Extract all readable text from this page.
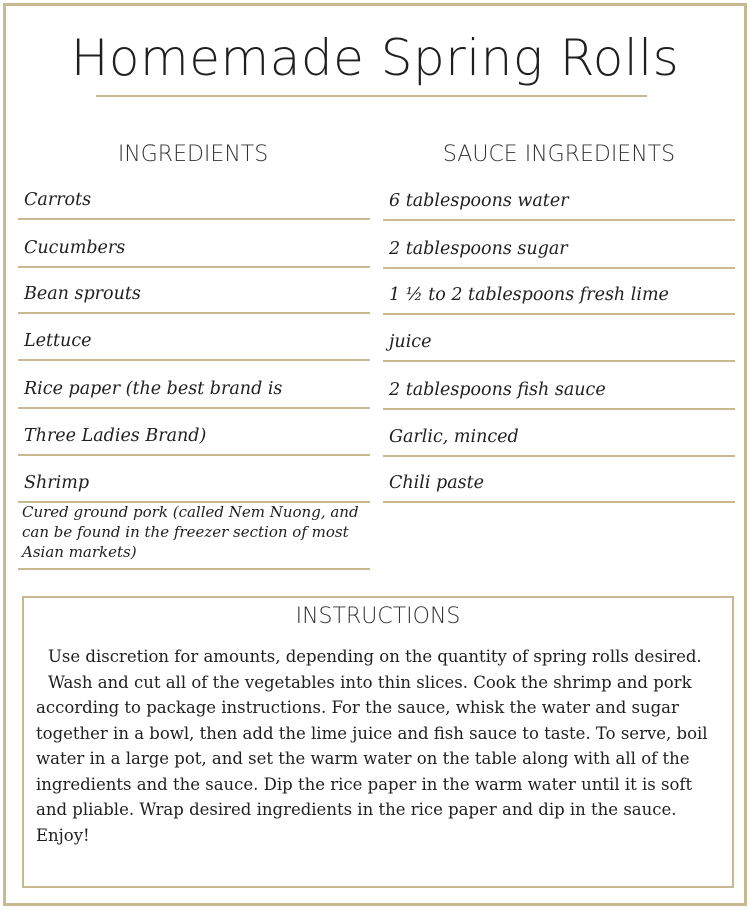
Homemade Spring Rolls
INGREDIENTS	SAUCE INGREDIENTS
Carrots
Cucumbers
Bean sprouts
Lettuce
Rice paper (the best brand is
Three Ladies Brand)
Shrimp
Cured ground pork (called Nem Nuong, and can be found in the freezer section of most Asian markets)
6 tablespoons water
2 tablespoons sugar
1 ½ to 2 tablespoons fresh lime
juice
2 tablespoons fish sauce
Garlic, minced
Chili paste
INSTRUCTIONS

Use discretion for amounts, depending on the quantity of spring rolls desired.

Wash and cut all of the vegetables into thin slices. Cook the shrimp and pork according to package instructions. For the sauce, whisk the water and sugar together in a bowl, then add the lime juice and fish sauce to taste. To serve, boil water in a large pot, and set the warm water on the table along with all of the ingredients and the sauce. Dip the rice paper in the warm water until it is soft and pliable. Wrap desired ingredients in the rice paper and dip in the sauce. Enjoy!
